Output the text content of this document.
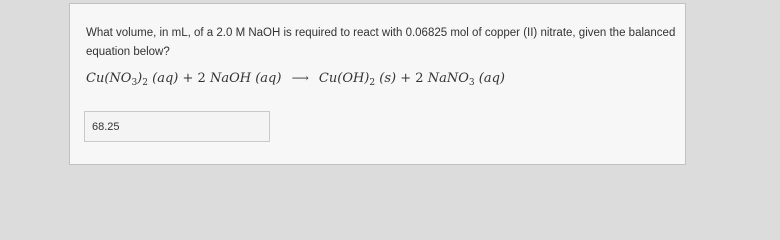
What volume, in mL, of a 2.0 M NaOH is required to react with 0.06825 mol of copper (II) nitrate, given the balanced equation below?
$Cu(NO_3)_2$ (aq) + 2 NaOH (aq) ⟶ $Cu(OH)_2$ (s) + 2 NaNO$_3$ (aq)
68.25
